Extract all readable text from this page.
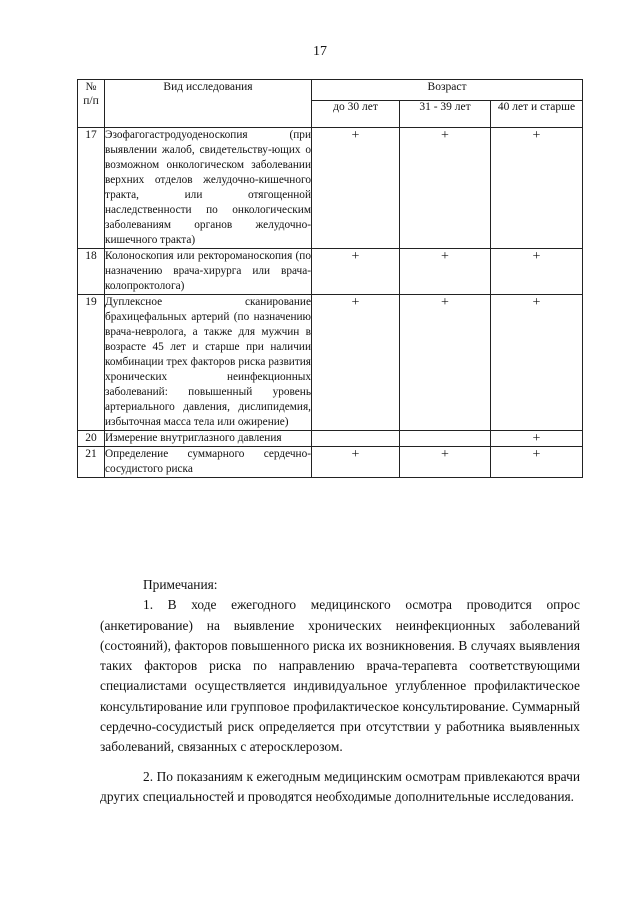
17
№
п/п	Вид исследования	Возраст		
		до 30 лет	31 - 39 лет	40 лет и старше
17	Эзофагогастродуоденоскопия (при выявлении жалоб, свидетельству-ющих о возможном онкологическом заболевании верхних отделов желудочно-кишечного тракта, или отягощенной наследственности по онкологическим заболеваниям органов желудочно-кишечного тракта)	+	+	+
18	Колоноскопия или ректороманоскопия (по назначению врача-хирурга или врача-колопроктолога)	+	+	+
19	Дуплексное сканирование брахицефальных артерий (по назначению врача-невролога, а также для мужчин в возрасте 45 лет и старше при наличии комбинации трех факторов риска развития хронических неинфекционных заболеваний: повышенный уровень артериального давления, дислипидемия, избыточная масса тела или ожирение)	+	+	+
20	Измерение внутриглазного давления			+
21	Определение суммарного сердечно-сосудистого риска	+	+	+
Примечания:

1. В ходе ежегодного медицинского осмотра проводится опрос (анкетирование) на выявление хронических неинфекционных заболеваний (состояний), факторов повышенного риска их возникновения. В случаях выявления таких факторов риска по направлению врача-терапевта соответствующими специалистами осуществляется индивидуальное углубленное профилактическое консультирование или групповое профилактическое консультирование. Суммарный сердечно-сосудистый риск определяется при отсутствии у работника выявленных заболеваний, связанных с атеросклерозом.

2. По показаниям к ежегодным медицинским осмотрам привлекаются врачи других специальностей и проводятся необходимые дополнительные исследования.
